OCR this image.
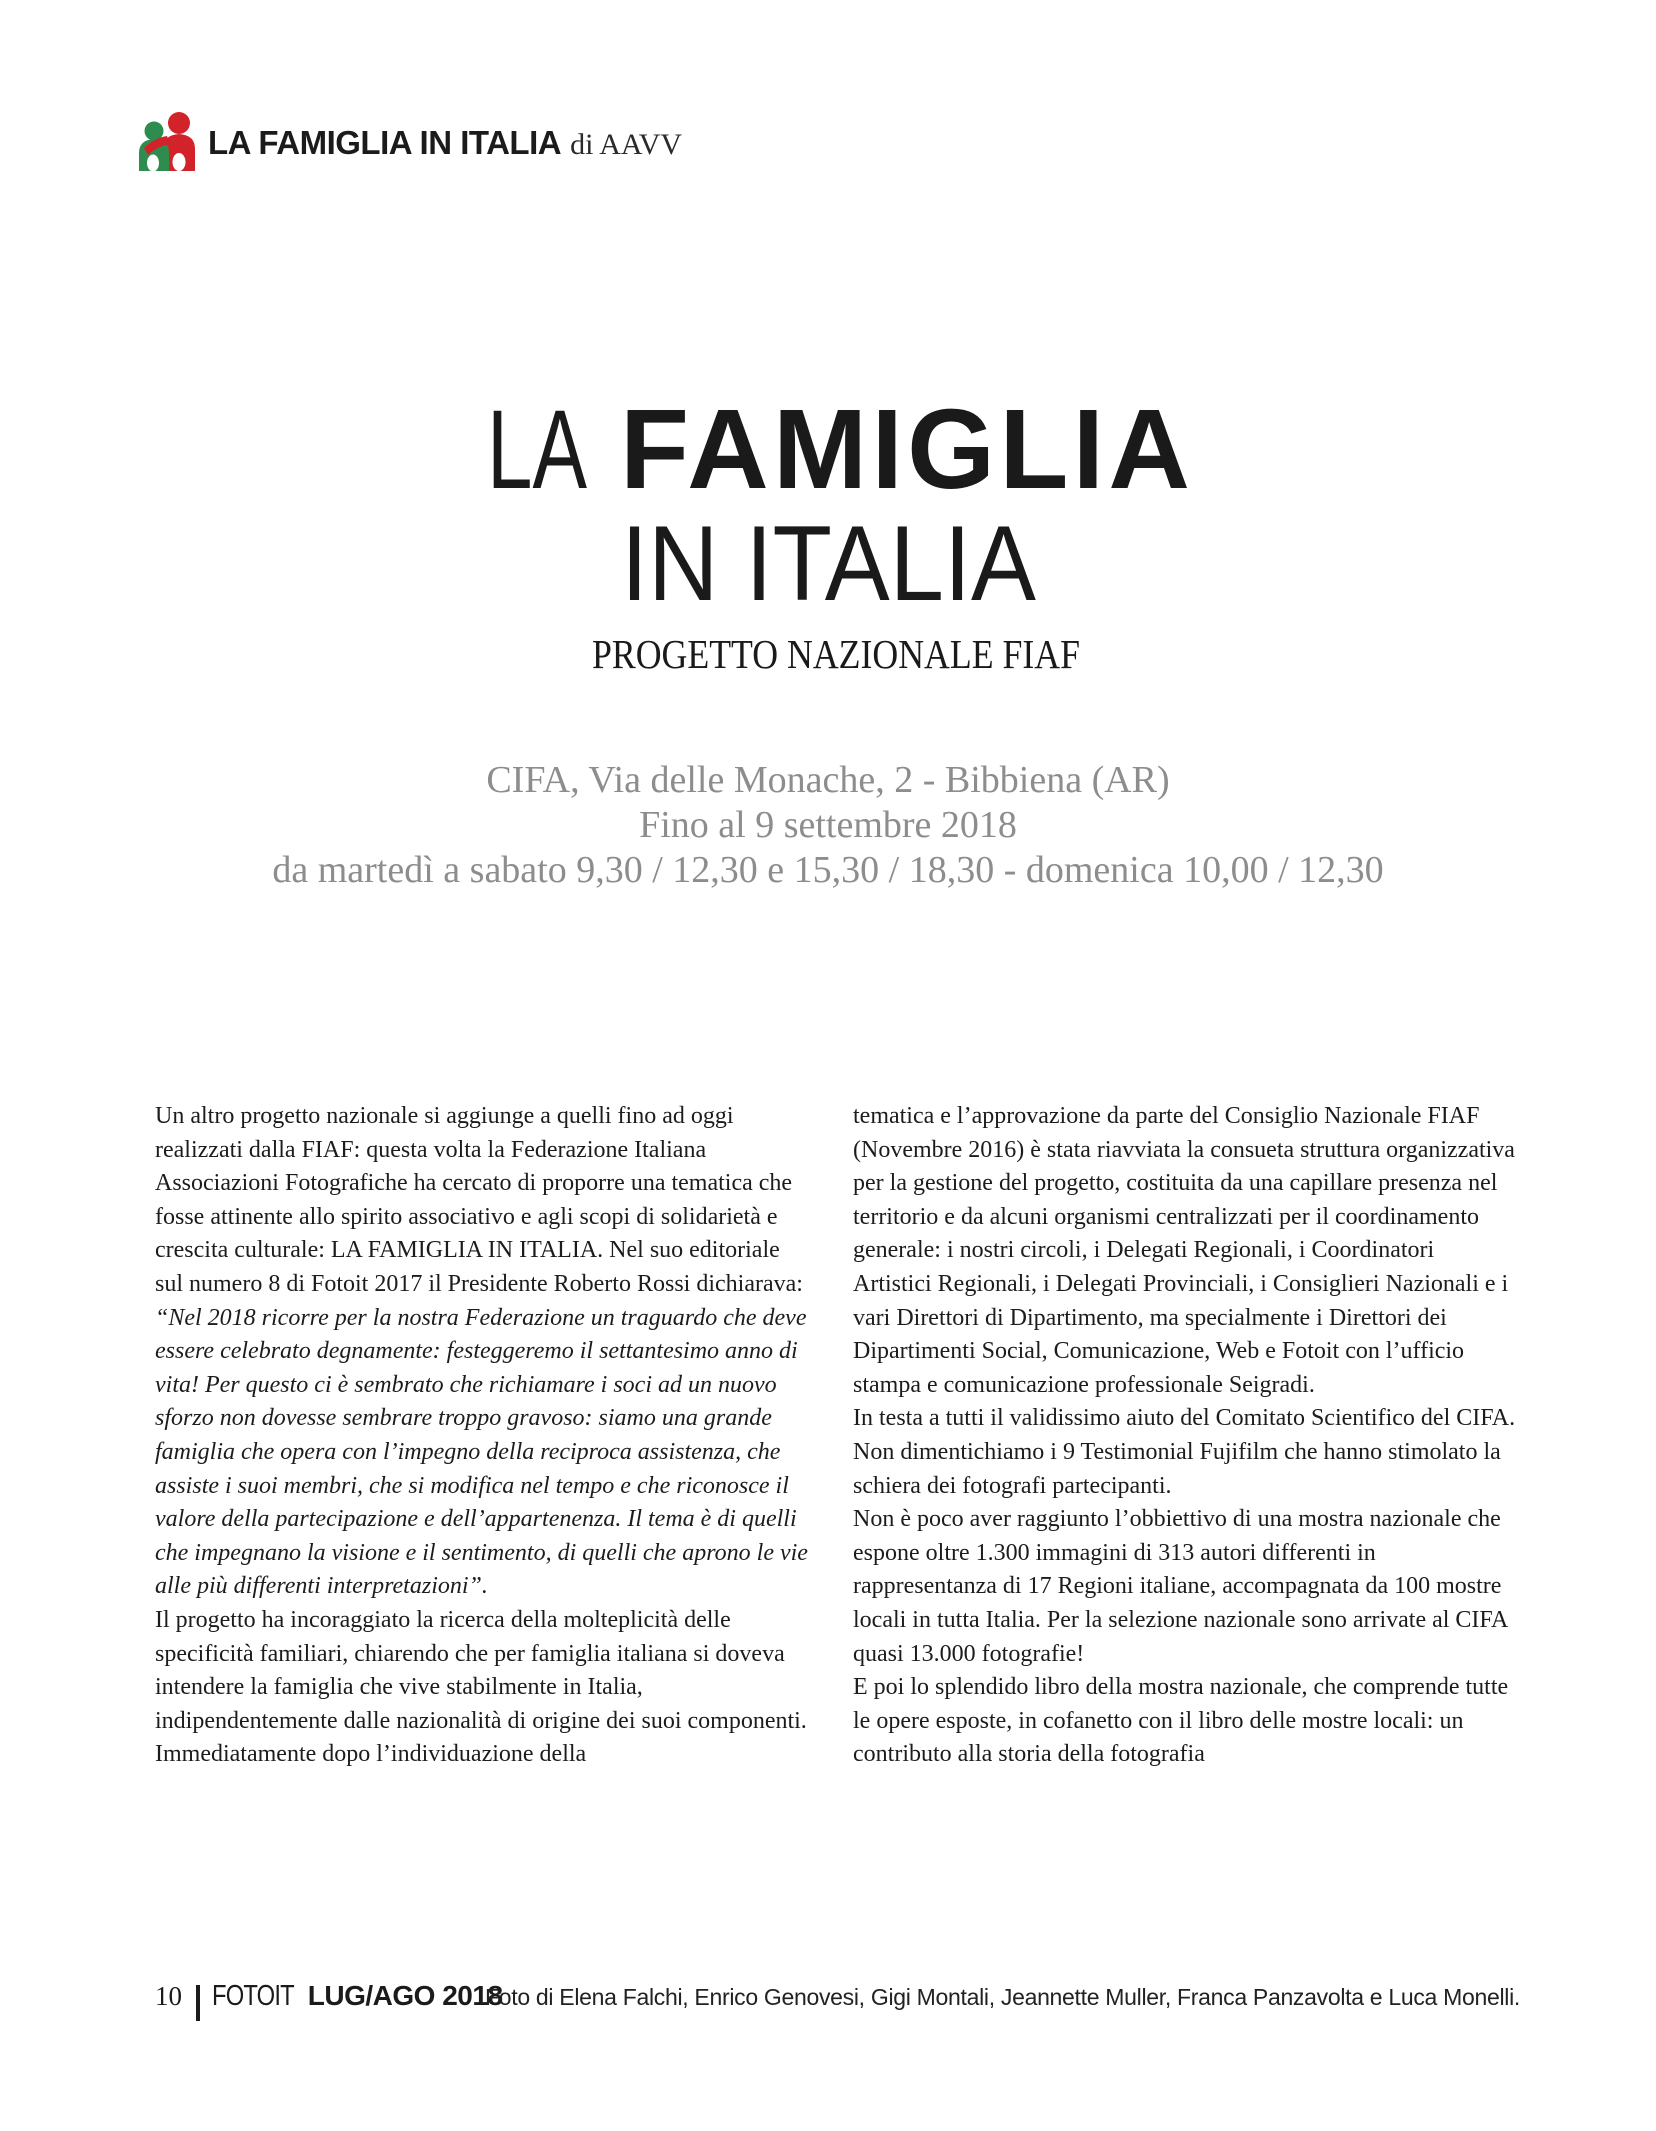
LA FAMIGLIA IN ITALIA di AAVV
LA FAMIGLIA
IN ITALIA
PROGETTO NAZIONALE FIAF
CIFA, Via delle Monache, 2 - Bibbiena (AR)
Fino al 9 settembre 2018
da martedì a sabato 9,30 / 12,30 e 15,30 / 18,30 - domenica 10,00 / 12,30

Un altro progetto nazionale si aggiunge a quelli fino ad oggi realizzati dalla FIAF: questa volta la Federazione Italiana Associazioni Fotografiche ha cercato di proporre una tematica che fosse attinente allo spirito associativo e agli scopi di solidarietà e crescita culturale: LA FAMIGLIA IN ITALIA. Nel suo editoriale sul numero 8 di Fotoit 2017 il Presidente Roberto Rossi dichiarava: “Nel 2018 ricorre per la nostra Federazione un traguardo che deve essere celebrato degnamente: festeggeremo il settantesimo anno di vita! Per questo ci è sembrato che richiamare i soci ad un nuovo sforzo non dovesse sembrare troppo gravoso: siamo una grande famiglia che opera con l’impegno della reciproca assistenza, che assiste i suoi membri, che si modifica nel tempo e che riconosce il valore della partecipazione e dell’appartenenza. Il tema è di quelli che impegnano la visione e il sentimento, di quelli che aprono le vie alle più differenti interpretazioni”.

Il progetto ha incoraggiato la ricerca della molteplicità delle specificità familiari, chiarendo che per famiglia italiana si doveva intendere la famiglia che vive stabilmente in Italia, indipendentemente dalle nazionalità di origine dei suoi componenti. Immediatamente dopo l’individuazione della

tematica e l’approvazione da parte del Consiglio Nazionale FIAF (Novembre 2016) è stata riavviata la consueta struttura organizzativa per la gestione del progetto, costituita da una capillare presenza nel territorio e da alcuni organismi centralizzati per il coordinamento generale: i nostri circoli, i Delegati Regionali, i Coordinatori Artistici Regionali, i Delegati Provinciali, i Consiglieri Nazionali e i vari Direttori di Dipartimento, ma specialmente i Direttori dei Dipartimenti Social, Comunicazione, Web e Fotoit con l’ufficio stampa e comunicazione professionale Seigradi.

In testa a tutti il validissimo aiuto del Comitato Scientifico del CIFA. Non dimentichiamo i 9 Testimonial Fujifilm che hanno stimolato la schiera dei fotografi partecipanti.

Non è poco aver raggiunto l’obbiettivo di una mostra nazionale che espone oltre 1.300 immagini di 313 autori differenti in rappresentanza di 17 Regioni italiane, accompagnata da 100 mostre locali in tutta Italia. Per la selezione nazionale sono arrivate al CIFA quasi 13.000 fotografie!

E poi lo splendido libro della mostra nazionale, che comprende tutte le opere esposte, in cofanetto con il libro delle mostre locali: un contributo alla storia della fotografia

10 FOTOIT LUG/AGO 2018
Foto di Elena Falchi, Enrico Genovesi, Gigi Montali, Jeannette Muller, Franca Panzavolta e Luca Monelli.
